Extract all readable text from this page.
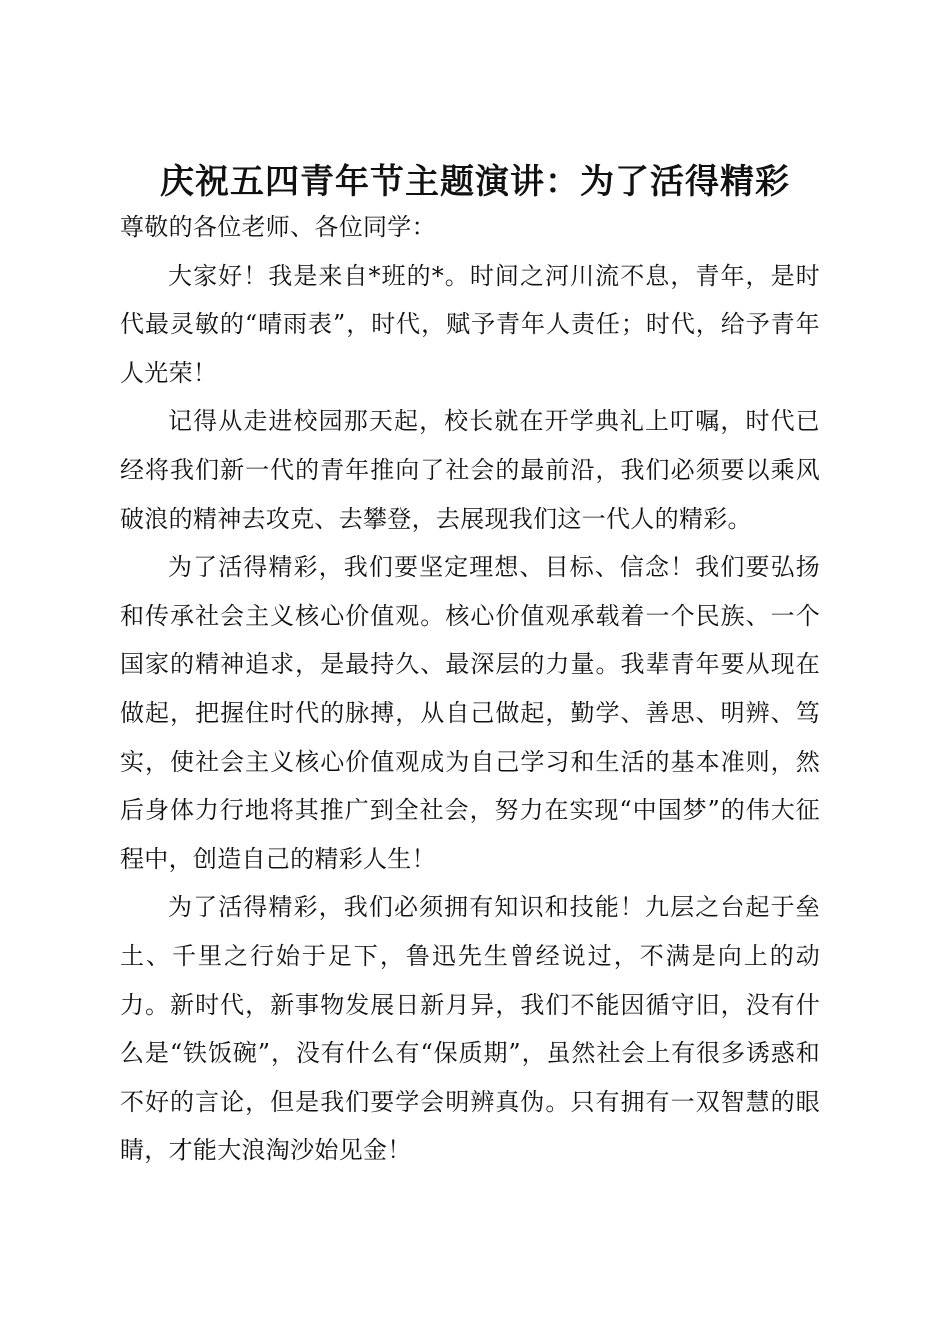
庆祝五四青年节主题演讲：为了活得精彩

尊敬的各位老师、各位同学：

大家好！我是来自*班的*。时间之河川流不息，青年，是时代最灵敏的“晴雨表”，时代，赋予青年人责任；时代，给予青年人光荣！

记得从走进校园那天起，校长就在开学典礼上叮嘱，时代已经将我们新一代的青年推向了社会的最前沿，我们必须要以乘风破浪的精神去攻克、去攀登，去展现我们这一代人的精彩。

为了活得精彩，我们要坚定理想、目标、信念！我们要弘扬和传承社会主义核心价值观。核心价值观承载着一个民族、一个国家的精神追求，是最持久、最深层的力量。我辈青年要从现在做起，把握住时代的脉搏，从自己做起，勤学、善思、明辨、笃实，使社会主义核心价值观成为自己学习和生活的基本准则，然后身体力行地将其推广到全社会，努力在实现“中国梦”的伟大征程中，创造自己的精彩人生！

为了活得精彩，我们必须拥有知识和技能！九层之台起于垒土、千里之行始于足下，鲁迅先生曾经说过，不满是向上的动力。新时代，新事物发展日新月异，我们不能因循守旧，没有什么是“铁饭碗”，没有什么有“保质期”，虽然社会上有很多诱惑和不好的言论，但是我们要学会明辨真伪。只有拥有一双智慧的眼睛，才能大浪淘沙始见金！
